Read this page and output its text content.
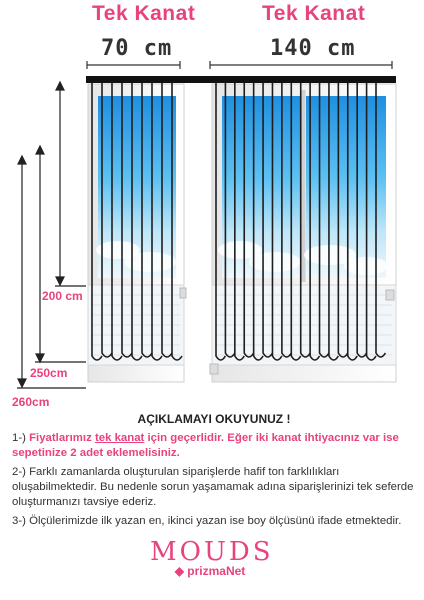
Tek Kanat	Tek Kanat
70 cm	140 cm
200 cm
250cm
260cm
AÇIKLAMAYI OKUYUNUZ !

1-) Fiyatlarımız tek kanat için geçerlidir. Eğer iki kanat ihtiyacınız var ise sepetinize 2 adet eklemelisiniz.

2-) Farklı zamanlarda oluşturulan siparişlerde hafif ton farklılıkları oluşabilmektedir. Bu nedenle sorun yaşamamak adına siparişlerinizi tek seferde oluşturmanızı tavsiye ederiz.

3-) Ölçülerimizde ilk yazan en, ikinci yazan ise boy ölçüsünü ifade etmektedir.

MOUDS
◆ prizmaNet
